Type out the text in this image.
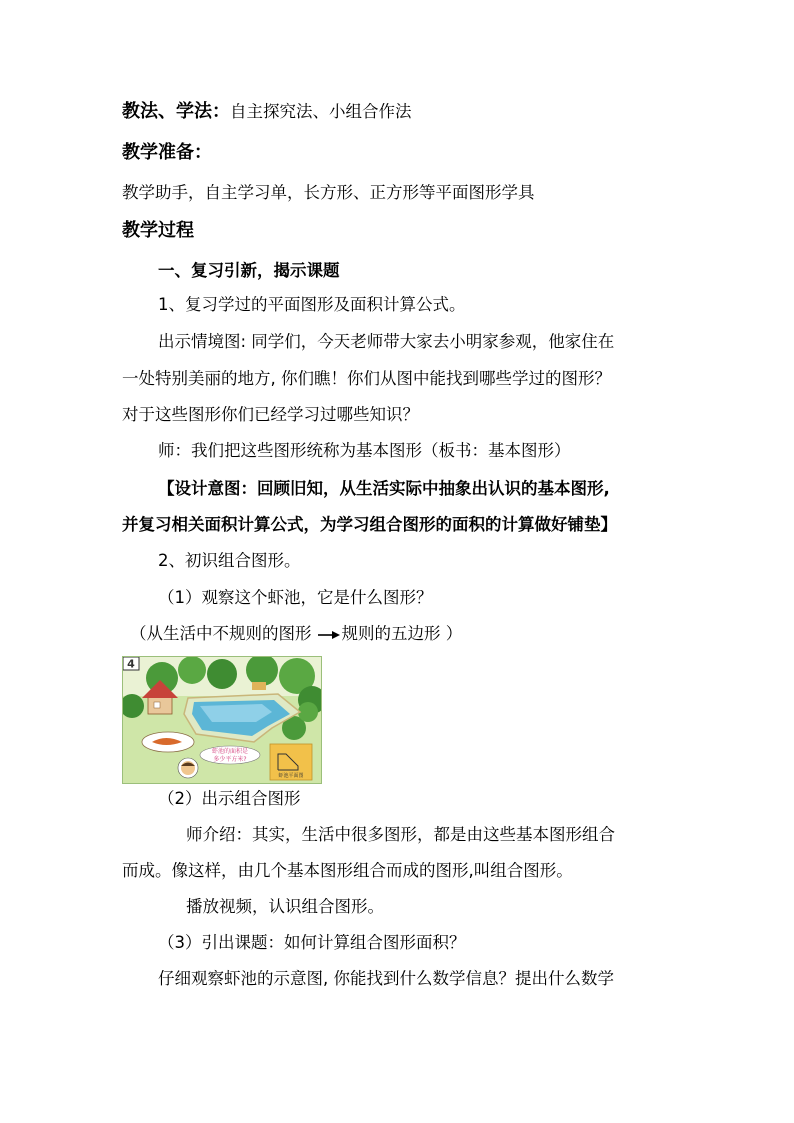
教法、学法：自主探究法、小组合作法
教学准备：
教学助手，自主学习单，长方形、正方形等平面图形学具
教学过程
一、复习引新，揭示课题
1、复习学过的平面图形及面积计算公式。
出示情境图: 同学们，今天老师带大家去小明家参观，他家住在
一处特别美丽的地方, 你们瞧！你们从图中能找到哪些学过的图形？
对于这些图形你们已经学习过哪些知识？
师：我们把这些图形统称为基本图形（板书：基本图形）
【设计意图：回顾旧知，从生活实际中抽象出认识的基本图形,
并复习相关面积计算公式，为学习组合图形的面积的计算做好铺垫】
2、初识组合图形。
（1）观察这个虾池，它是什么图形？
（从生活中不规则的图形 规则的五边形 ）
虾池的面积是
多少平方米?
虾池平面图
4
（2）出示组合图形
师介绍：其实，生活中很多图形，都是由这些基本图形组合
而成。像这样，由几个基本图形组合而成的图形,叫组合图形。
播放视频，认识组合图形。
（3）引出课题：如何计算组合图形面积？
仔细观察虾池的示意图, 你能找到什么数学信息？提出什么数学
